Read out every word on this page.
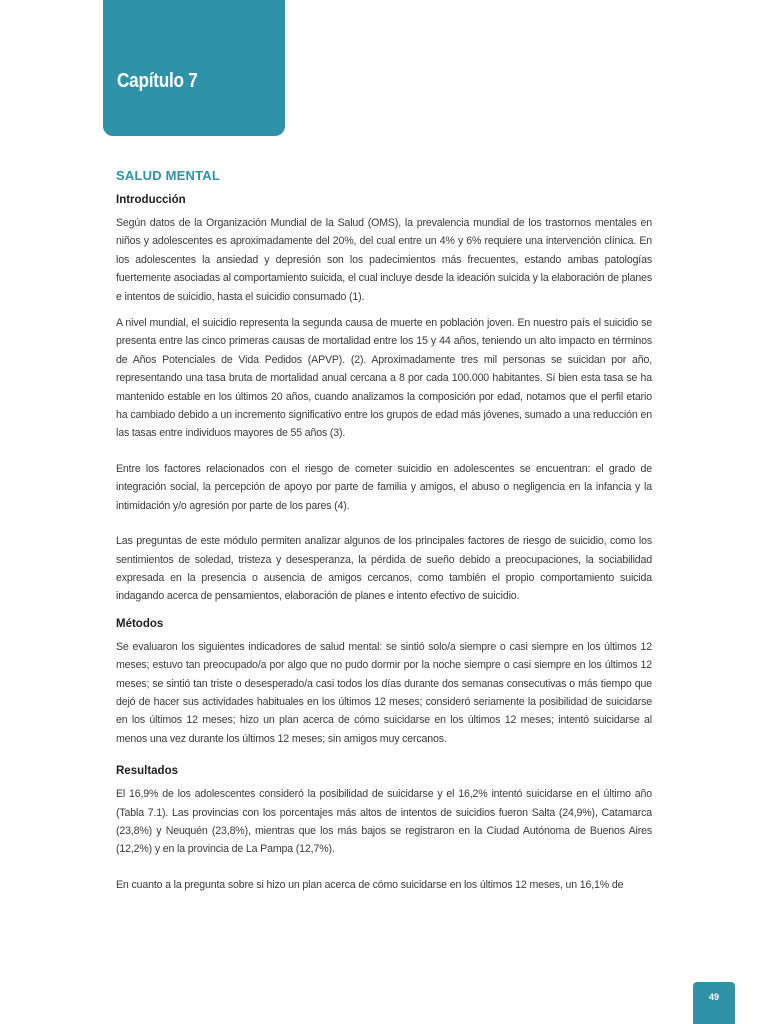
Capítulo 7
SALUD MENTAL
Introducción

Según datos de la Organización Mundial de la Salud (OMS), la prevalencia mundial de los trastornos mentales en niños y adolescentes es aproximadamente del 20%, del cual entre un 4% y 6% requiere una intervención clínica. En los adolescentes la ansiedad y depresión son los padecimientos más frecuentes, estando ambas patologías fuertemente asociadas al comportamiento suicida, el cual incluye desde la ideación suicida y la elaboración de planes e intentos de suicidio, hasta el suicidio consumado (1).

A nivel mundial, el suicidio representa la segunda causa de muerte en población joven. En nuestro país el suicidio se presenta entre las cinco primeras causas de mortalidad entre los 15 y 44 años, teniendo un alto impacto en términos de Años Potenciales de Vida Pedidos (APVP). (2). Aproximadamente tres mil personas se suicidan por año, representando una tasa bruta de mortalidad anual cercana a 8 por cada 100.000 habitantes. Si bien esta tasa se ha mantenido estable en los últimos 20 años, cuando analizamos la composición por edad, notamos que el perfil etario ha cambiado debido a un incremento significativo entre los grupos de edad más jóvenes, sumado a una reducción en las tasas entre individuos mayores de 55 años (3).

Entre los factores relacionados con el riesgo de cometer suicidio en adolescentes se encuentran: el grado de integración social, la percepción de apoyo por parte de familia y amigos, el abuso o negligencia en la infancia y la intimidación y/o agresión por parte de los pares (4).

Las preguntas de este módulo permiten analizar algunos de los principales factores de riesgo de suicidio, como los sentimientos de soledad, tristeza y desesperanza, la pérdida de sueño debido a preocupaciones, la sociabilidad expresada en la presencia o ausencia de amigos cercanos, como también el propio comportamiento suicida indagando acerca de pensamientos, elaboración de planes e intento efectivo de suicidio.

Métodos

Se evaluaron los siguientes indicadores de salud mental: se sintió solo/a siempre o casi siempre en los últimos 12 meses; estuvo tan preocupado/a por algo que no pudo dormir por la noche siempre o casi siempre en los últimos 12 meses; se sintió tan triste o desesperado/a casi todos los días durante dos semanas consecutivas o más tiempo que dejó de hacer sus actividades habituales en los últimos 12 meses; consideró seriamente la posibilidad de suicidarse en los últimos 12 meses; hizo un plan acerca de cómo suicidarse en los últimos 12 meses; intentó suicidarse al menos una vez durante los últimos 12 meses; sin amigos muy cercanos.

Resultados

El 16,9% de los adolescentes consideró la posibilidad de suicidarse y el 16,2% intentó suicidarse en el último año (Tabla 7.1). Las provincias con los porcentajes más altos de intentos de suicidios fueron Salta (24,9%), Catamarca (23,8%) y Neuquén (23,8%), mientras que los más bajos se registraron en la Ciudad Autónoma de Buenos Aires (12,2%) y en la provincia de La Pampa (12,7%).

En cuanto a la pregunta sobre si hizo un plan acerca de cómo suicidarse en los últimos 12 meses, un 16,1% de

49
